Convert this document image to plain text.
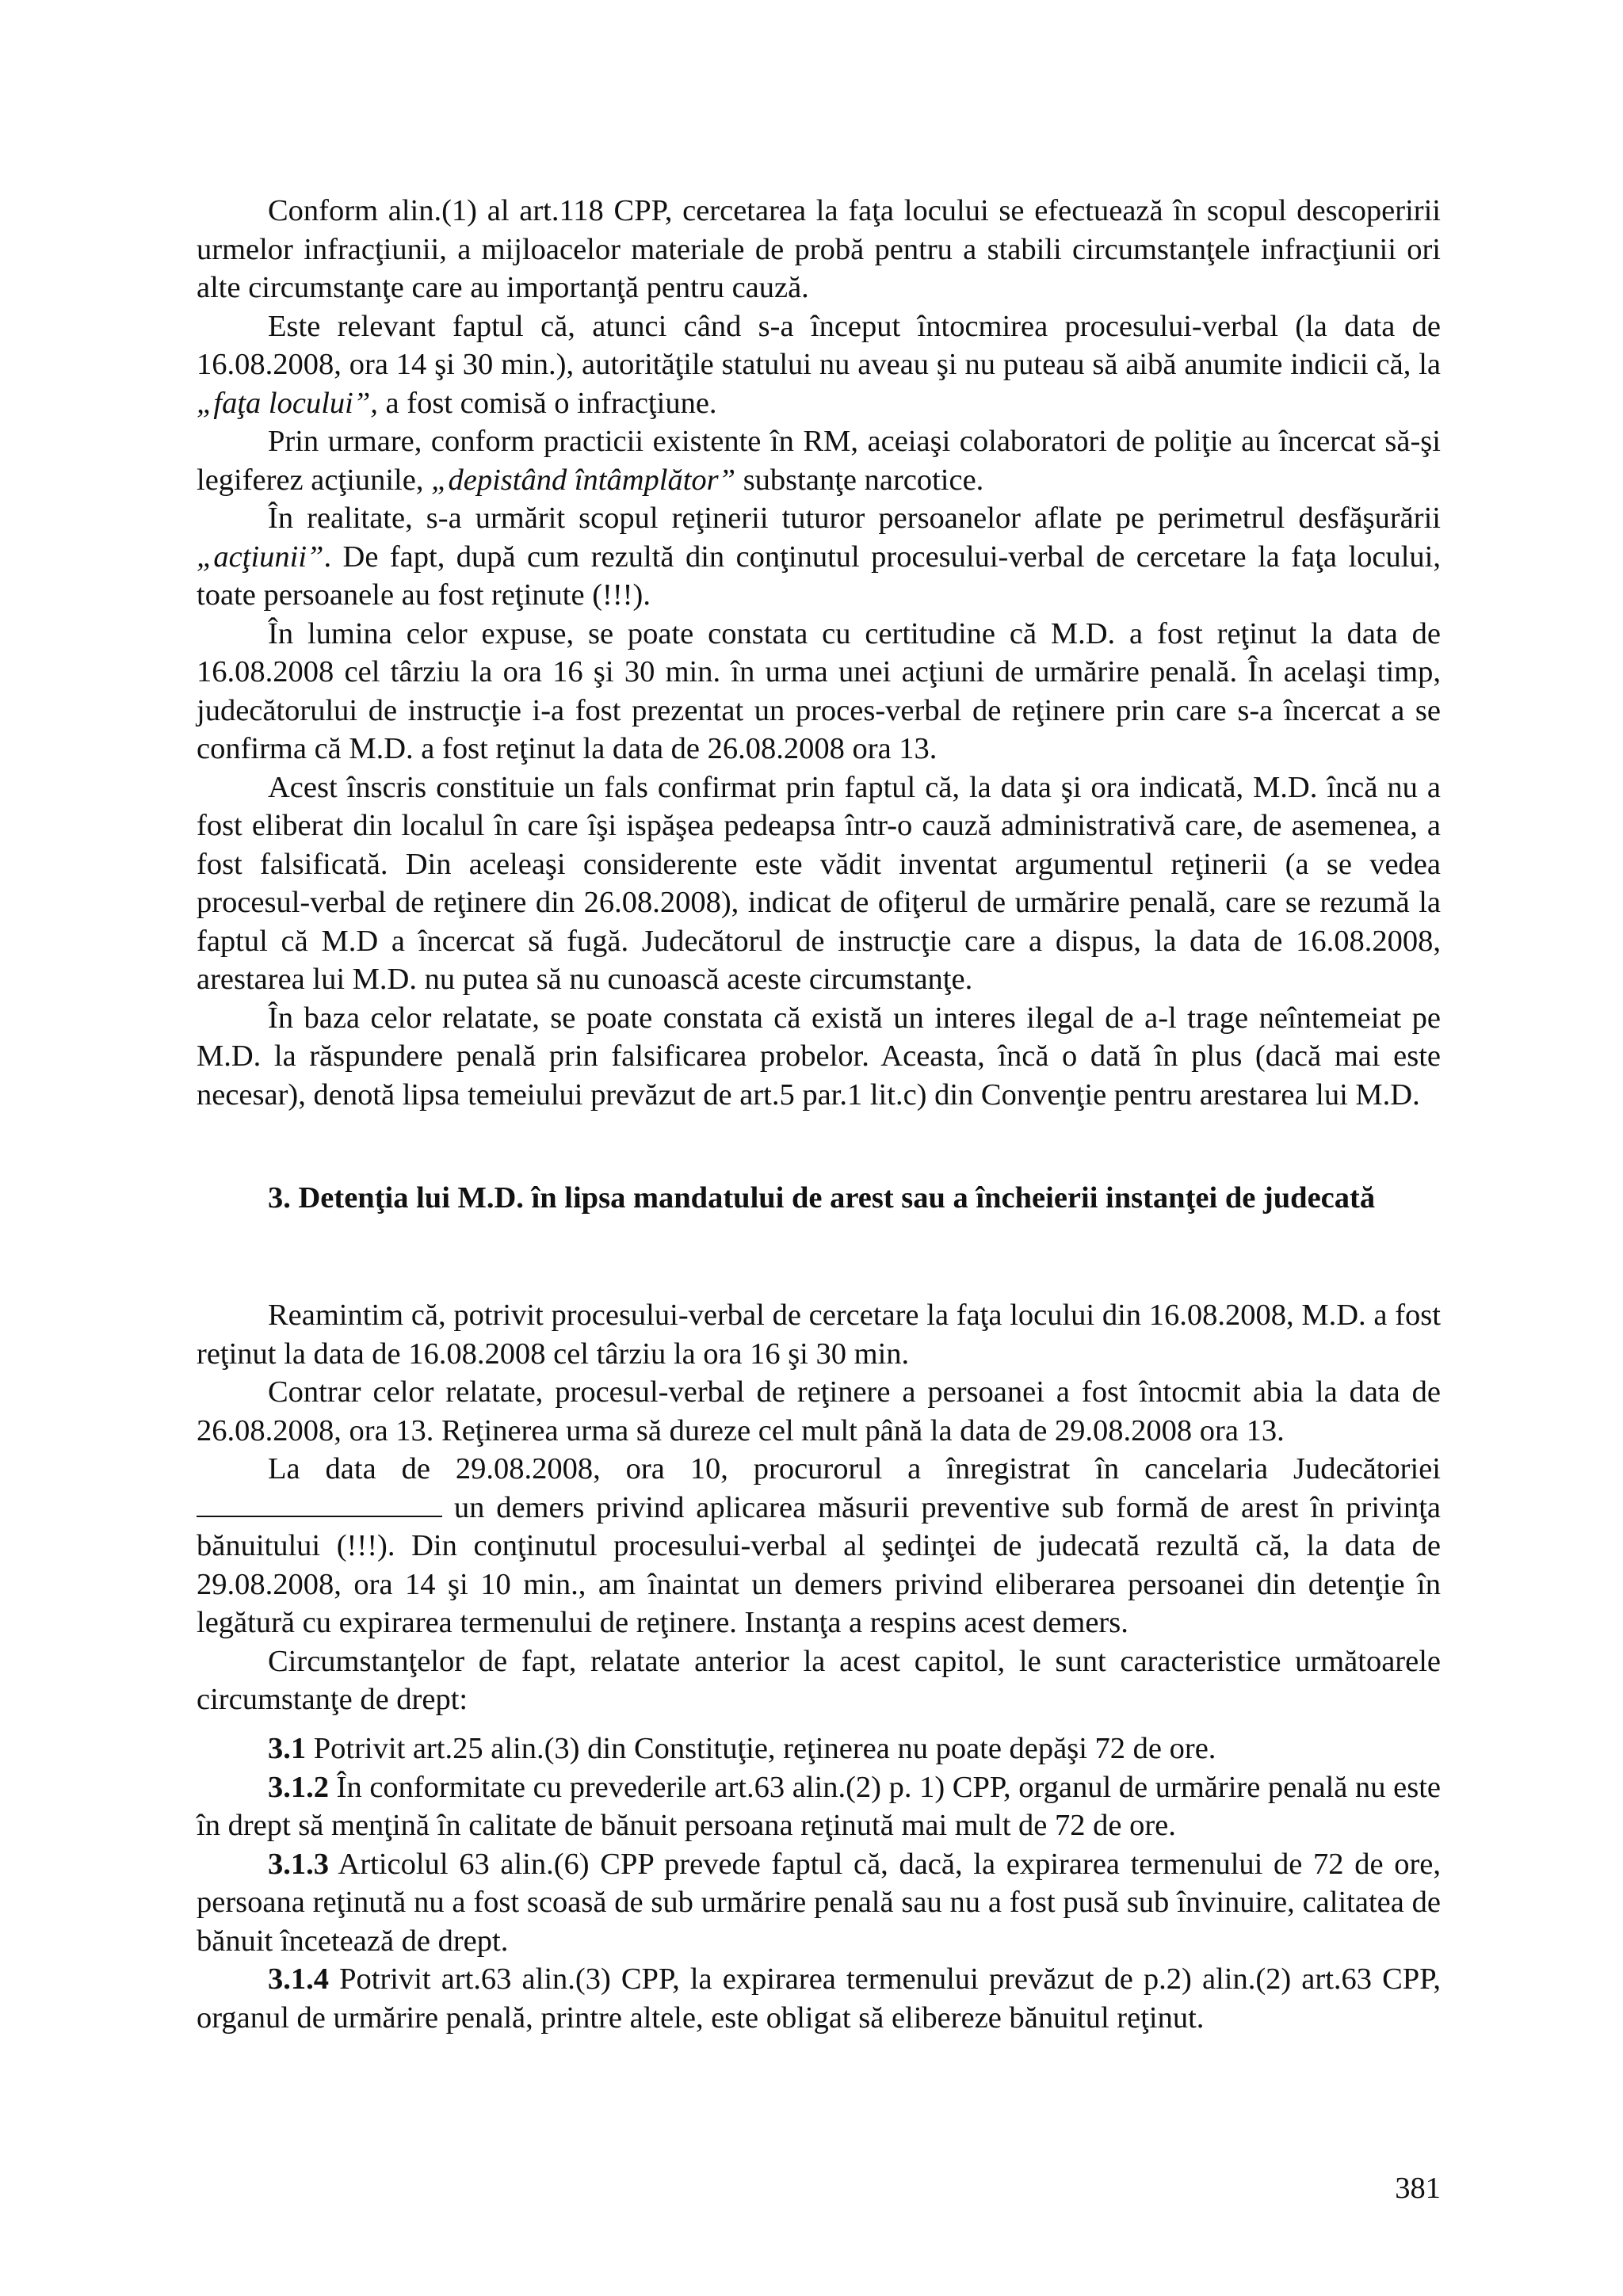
Conform alin.(1) al art.118 CPP, cercetarea la faţa locului se efectuează în scopul descoperirii urmelor infracţiunii, a mijloacelor materiale de probă pentru a stabili circumstanţele infracţiunii ori alte circumstanţe care au importanţă pentru cauză.

Este relevant faptul că, atunci când s-a început întocmirea procesului-verbal (la data de 16.08.2008, ora 14 şi 30 min.), autorităţile statului nu aveau şi nu puteau să aibă anumite indicii că, la „faţa locului”, a fost comisă o infracţiune.

Prin urmare, conform practicii existente în RM, aceiaşi colaboratori de poliţie au încercat să-şi legiferez acţiunile, „depistând întâmplător” substanţe narcotice.

În realitate, s-a urmărit scopul reţinerii tuturor persoanelor aflate pe perimetrul desfăşurării „acţiunii”. De fapt, după cum rezultă din conţinutul procesului-verbal de cercetare la faţa locului, toate persoanele au fost reţinute (!!!).

În lumina celor expuse, se poate constata cu certitudine că M.D. a fost reţinut la data de 16.08.2008 cel târziu la ora 16 şi 30 min. în urma unei acţiuni de urmărire penală. În acelaşi timp, judecătorului de instrucţie i-a fost prezentat un proces-verbal de reţinere prin care s-a încercat a se confirma că M.D. a fost reţinut la data de 26.08.2008 ora 13.

Acest înscris constituie un fals confirmat prin faptul că, la data şi ora indicată, M.D. încă nu a fost eliberat din localul în care îşi ispăşea pedeapsa într-o cauză administrativă care, de asemenea, a fost falsificată. Din aceleaşi considerente este vădit inventat argumentul reţinerii (a se vedea procesul-verbal de reţinere din 26.08.2008), indicat de ofiţerul de urmărire penală, care se rezumă la faptul că M.D a încercat să fugă. Judecătorul de instrucţie care a dispus, la data de 16.08.2008, arestarea lui M.D. nu putea să nu cunoască aceste circumstanţe.

În baza celor relatate, se poate constata că există un interes ilegal de a-l trage neîntemeiat pe M.D. la răspundere penală prin falsificarea probelor. Aceasta, încă o dată în plus (dacă mai este necesar), denotă lipsa temeiului prevăzut de art.5 par.1 lit.c) din Convenţie pentru arestarea lui M.D.

3. Detenţia lui M.D. în lipsa mandatului de arest sau a încheierii instanţei de judecată

Reamintim că, potrivit procesului-verbal de cercetare la faţa locului din 16.08.2008, M.D. a fost reţinut la data de 16.08.2008 cel târziu la ora 16 şi 30 min.

Contrar celor relatate, procesul-verbal de reţinere a persoanei a fost întocmit abia la data de 26.08.2008, ora 13. Reţinerea urma să dureze cel mult până la data de 29.08.2008 ora 13.

La data de 29.08.2008, ora 10, procurorul a înregistrat în cancelaria Judecătoriei  un demers privind aplicarea măsurii preventive sub formă de arest în privinţa bănuitului (!!!). Din conţinutul procesului-verbal al şedinţei de judecată rezultă că, la data de 29.08.2008, ora 14 şi 10 min., am înaintat un demers privind eliberarea persoanei din detenţie în legătură cu expirarea termenului de reţinere. Instanţa a respins acest demers.

Circumstanţelor de fapt, relatate anterior la acest capitol, le sunt caracteristice următoarele circumstanţe de drept:

3.1 Potrivit art.25 alin.(3) din Constituţie, reţinerea nu poate depăşi 72 de ore.

3.1.2 În conformitate cu prevederile art.63 alin.(2) p. 1) CPP, organul de urmărire penală nu este în drept să menţină în calitate de bănuit persoana reţinută mai mult de 72 de ore.

3.1.3 Articolul 63 alin.(6) CPP prevede faptul că, dacă, la expirarea termenului de 72 de ore, persoana reţinută nu a fost scoasă de sub urmărire penală sau nu a fost pusă sub învinuire, calitatea de bănuit încetează de drept.

3.1.4 Potrivit art.63 alin.(3) CPP, la expirarea termenului prevăzut de p.2) alin.(2) art.63 CPP, organul de urmărire penală, printre altele, este obligat să elibereze bănuitul reţinut.

381
